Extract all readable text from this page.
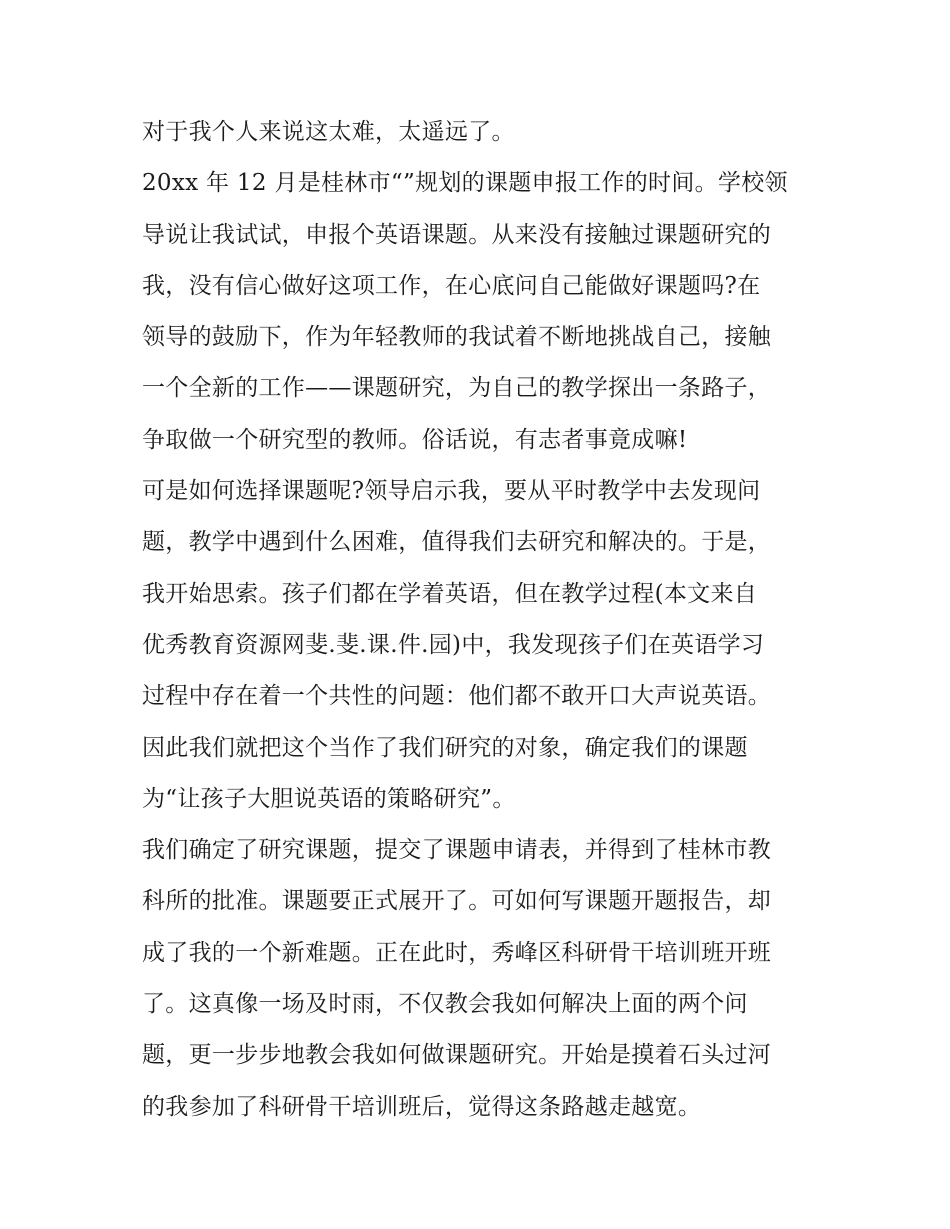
对于我个人来说这太难，太遥远了。
20xx 年 12 月是桂林市“”规划的课题申报工作的时间。学校领
导说让我试试，申报个英语课题。从来没有接触过课题研究的
我，没有信心做好这项工作，在心底问自己能做好课题吗?在
领导的鼓励下，作为年轻教师的我试着不断地挑战自己，接触
一个全新的工作——课题研究，为自己的教学探出一条路子，
争取做一个研究型的教师。俗话说，有志者事竟成嘛!
可是如何选择课题呢?领导启示我，要从平时教学中去发现问
题，教学中遇到什么困难，值得我们去研究和解决的。于是，
我开始思索。孩子们都在学着英语，但在教学过程(本文来自
优秀教育资源网斐.斐.课.件.园)中，我发现孩子们在英语学习
过程中存在着一个共性的问题：他们都不敢开口大声说英语。
因此我们就把这个当作了我们研究的对象，确定我们的课题
为“让孩子大胆说英语的策略研究”。
我们确定了研究课题，提交了课题申请表，并得到了桂林市教
科所的批准。课题要正式展开了。可如何写课题开题报告，却
成了我的一个新难题。正在此时，秀峰区科研骨干培训班开班
了。这真像一场及时雨，不仅教会我如何解决上面的两个问
题，更一步步地教会我如何做课题研究。开始是摸着石头过河
的我参加了科研骨干培训班后，觉得这条路越走越宽。
